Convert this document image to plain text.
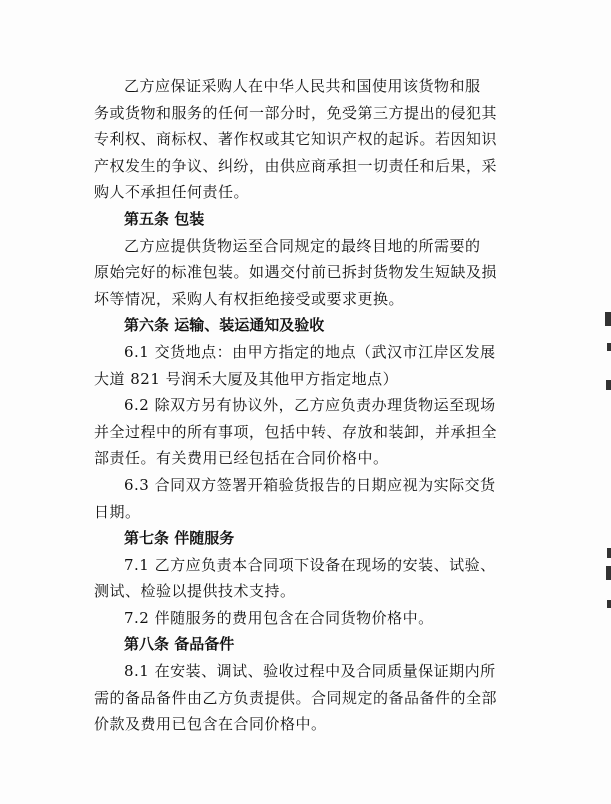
乙方应保证采购人在中华人民共和国使用该货物和服
务或货物和服务的任何一部分时，免受第三方提出的侵犯其
专利权、商标权、著作权或其它知识产权的起诉。若因知识
产权发生的争议、纠纷，由供应商承担一切责任和后果，采
购人不承担任何责任。
第五条 包装
乙方应提供货物运至合同规定的最终目地的所需要的
原始完好的标准包装。如遇交付前已拆封货物发生短缺及损
坏等情况，采购人有权拒绝接受或要求更换。
第六条 运输、装运通知及验收
6.1 交货地点：由甲方指定的地点（武汉市江岸区发展
大道 821 号润禾大厦及其他甲方指定地点）
6.2 除双方另有协议外，乙方应负责办理货物运至现场
并全过程中的所有事项，包括中转、存放和装卸，并承担全
部责任。有关费用已经包括在合同价格中。
6.3 合同双方签署开箱验货报告的日期应视为实际交货
日期。
第七条 伴随服务
7.1 乙方应负责本合同项下设备在现场的安装、试验、
测试、检验以提供技术支持。
7.2 伴随服务的费用包含在合同货物价格中。
第八条 备品备件
8.1 在安装、调试、验收过程中及合同质量保证期内所
需的备品备件由乙方负责提供。合同规定的备品备件的全部
价款及费用已包含在合同价格中。
